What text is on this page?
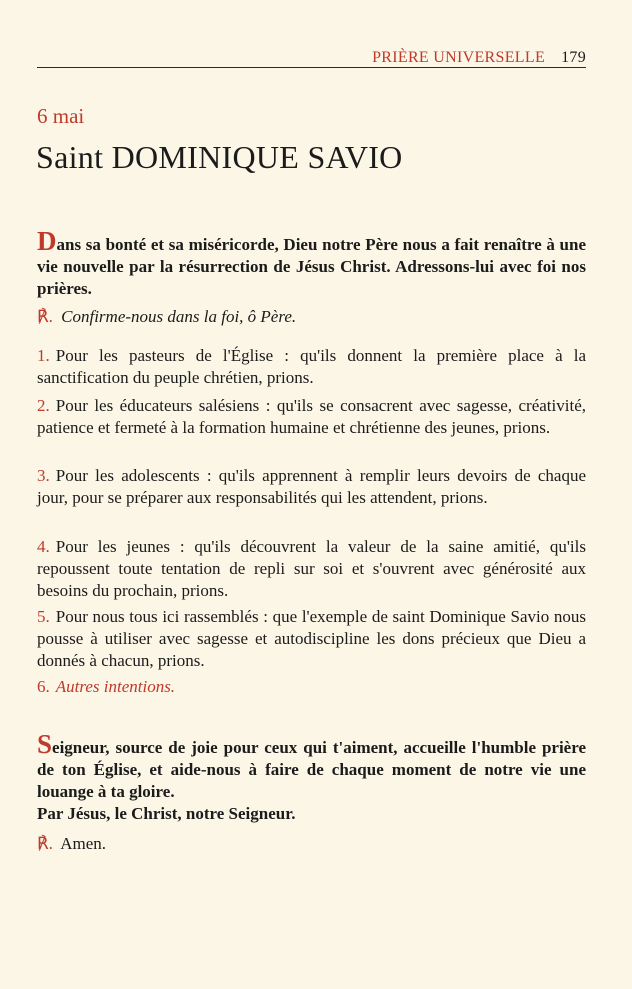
PRIÈRE UNIVERSELLE 179
6 mai
Saint DOMINIQUE SAVIO
Dans sa bonté et sa miséricorde, Dieu notre Père nous a fait renaître à une vie nouvelle par la résurrection de Jésus Christ. Adressons-lui avec foi nos prières.
℟. Confirme-nous dans la foi, ô Père.
1. Pour les pasteurs de l'Église : qu'ils donnent la première place à la sanctification du peuple chrétien, prions.
2. Pour les éducateurs salésiens : qu'ils se consacrent avec sagesse, créativité, patience et fermeté à la formation humaine et chrétienne des jeunes, prions.
3. Pour les adolescents : qu'ils apprennent à remplir leurs devoirs de chaque jour, pour se préparer aux responsabilités qui les attendent, prions.
4. Pour les jeunes : qu'ils découvrent la valeur de la saine amitié, qu'ils repoussent toute tentation de repli sur soi et s'ouvrent avec générosité aux besoins du prochain, prions.
5. Pour nous tous ici rassemblés : que l'exemple de saint Dominique Savio nous pousse à utiliser avec sagesse et autodiscipline les dons précieux que Dieu a donnés à chacun, prions.
6. Autres intentions.
Seigneur, source de joie pour ceux qui t'aiment, accueille l'humble prière de ton Église, et aide-nous à faire de chaque moment de notre vie une louange à ta gloire.
Par Jésus, le Christ, notre Seigneur.
℟. Amen.
